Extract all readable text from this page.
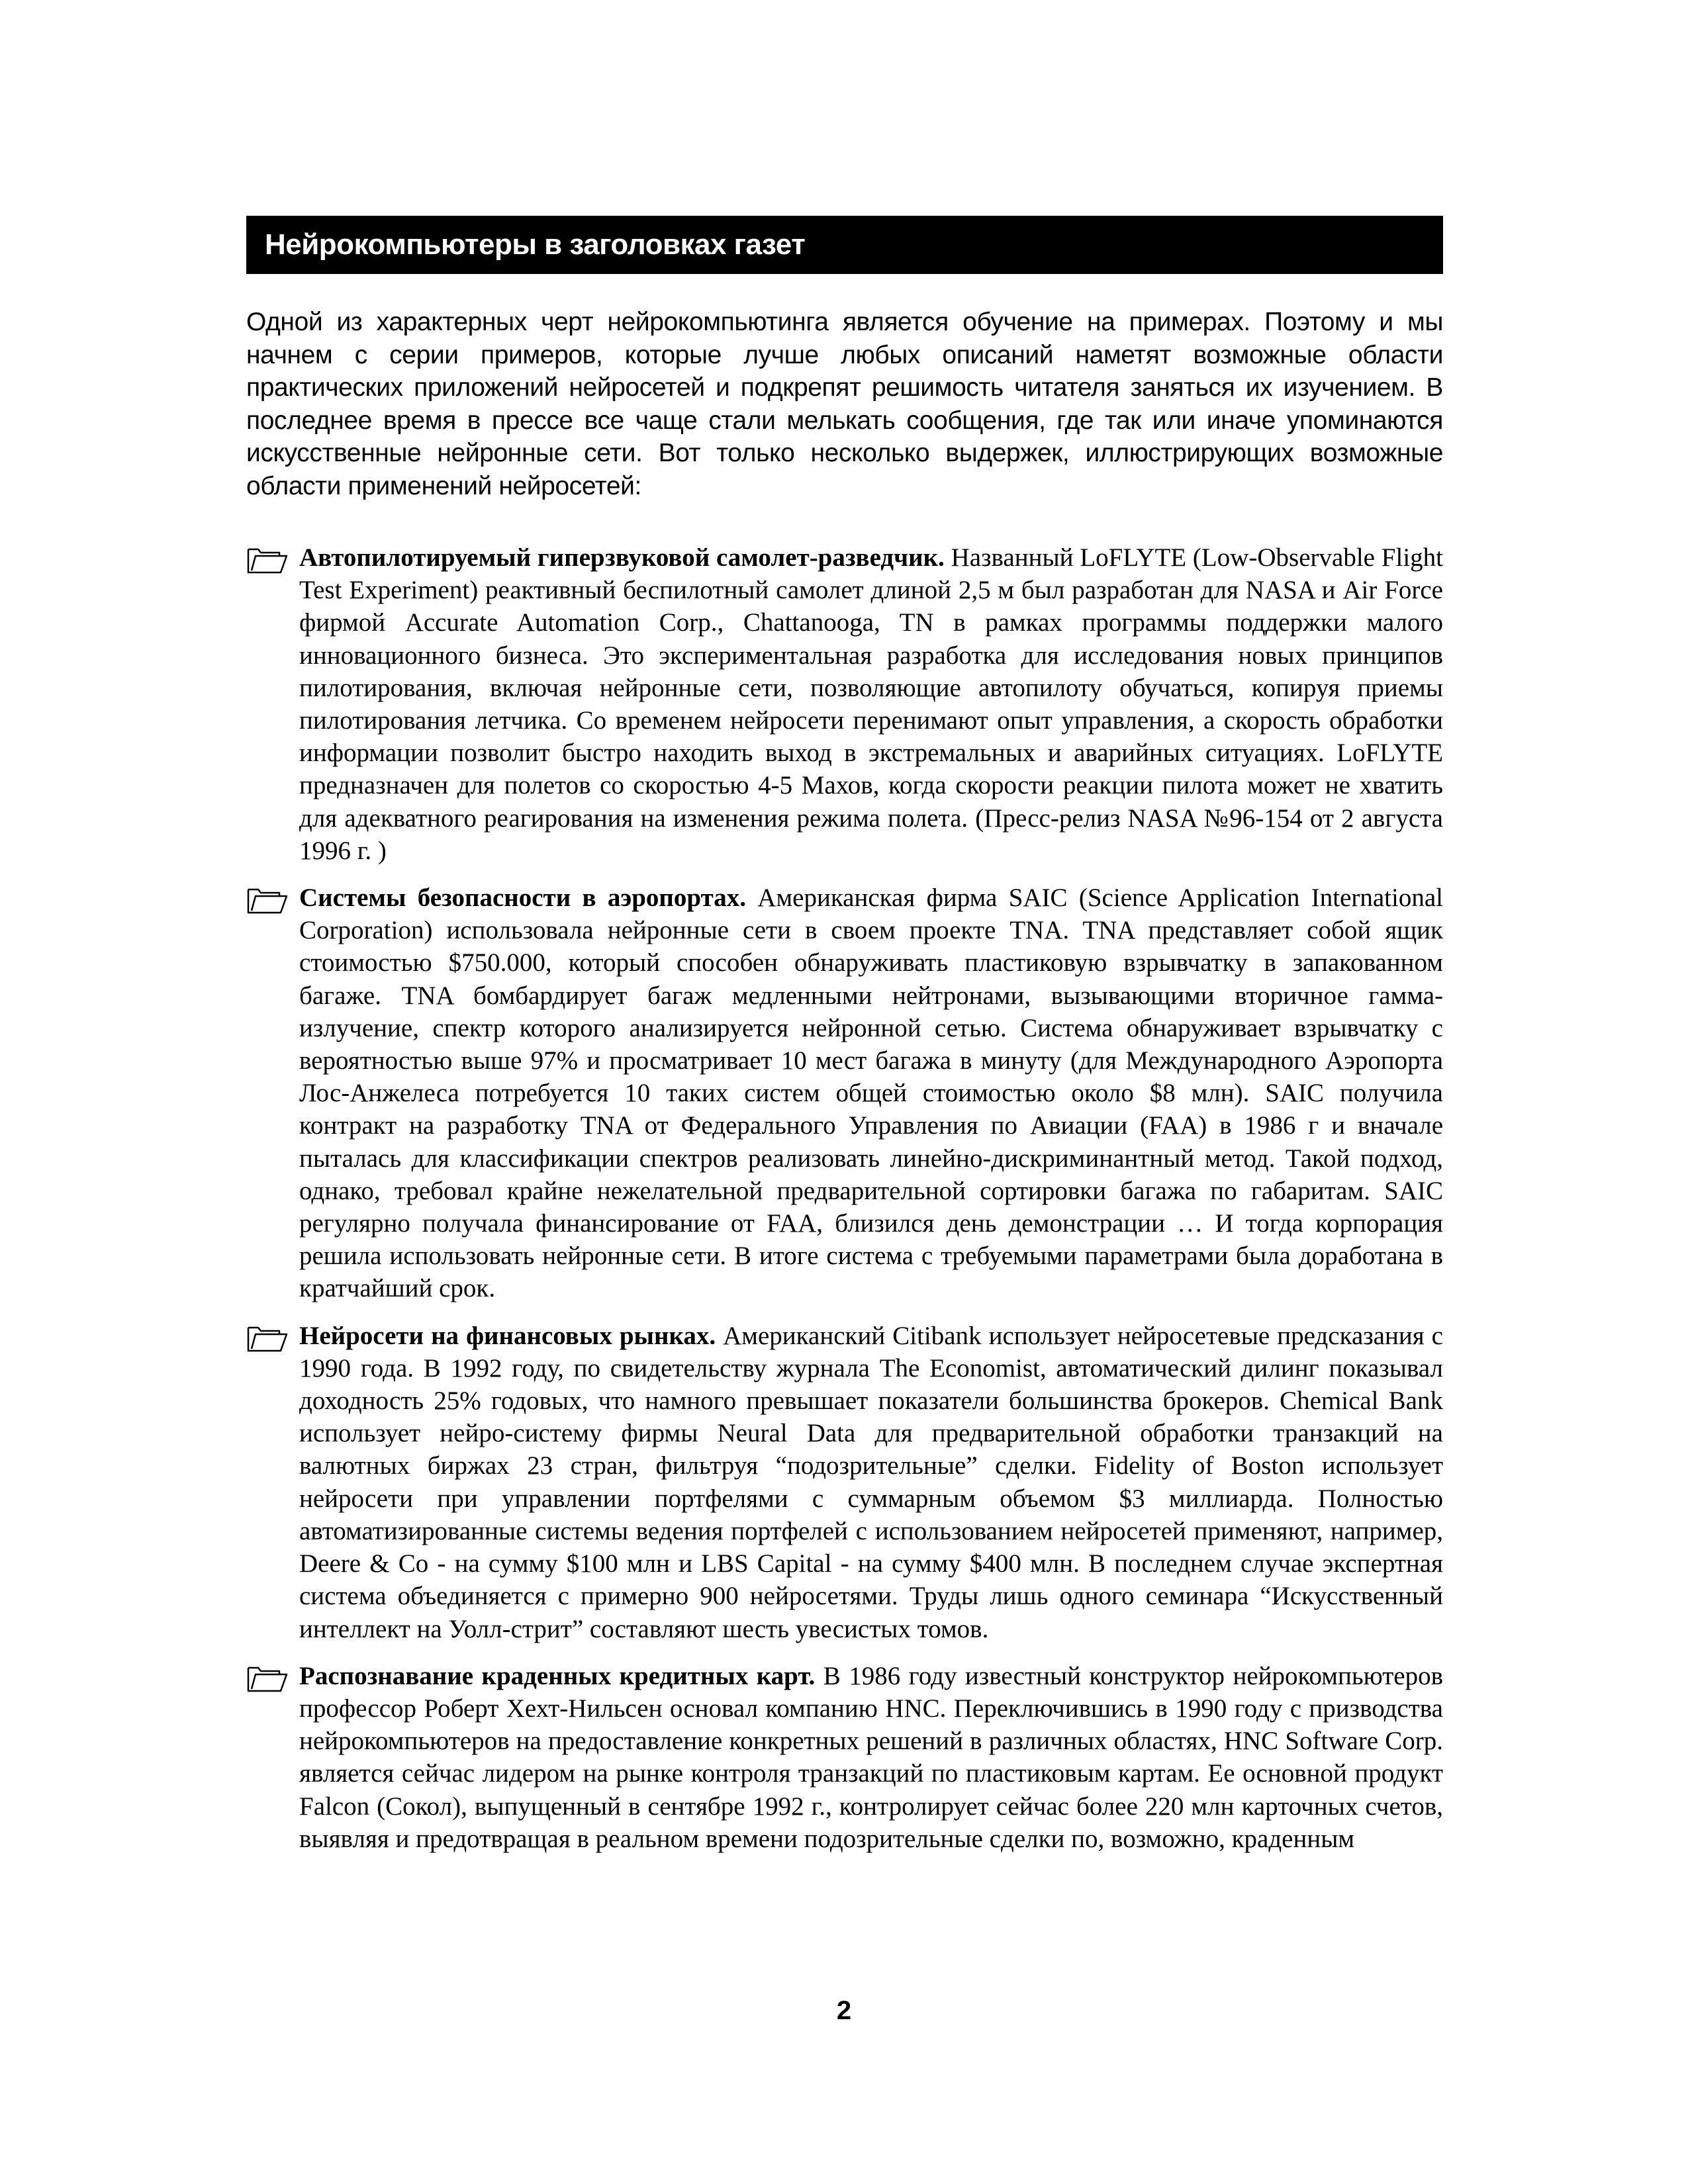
Нейрокомпьютеры в заголовках газет

Одной из характерных черт нейрокомпьютинга является обучение на примерах. Поэтому и мы начнем с серии примеров, которые лучше любых описаний наметят возможные области практических приложений нейросетей и подкрепят решимость читателя заняться их изучением. В последнее время в прессе все чаще стали мелькать сообщения, где так или иначе упоминаются искусственные нейронные сети. Вот только несколько выдержек, иллюстрирующих возможные области применений нейросетей:

Автопилотируемый гиперзвуковой самолет-разведчик. Названный LoFLYTE (Low-Observable Flight Test Experiment) реактивный беспилотный самолет длиной 2,5 м был разработан для NASA и Air Force фирмой Accurate Automation Corp., Chattanooga, TN в рамках программы поддержки малого инновационного бизнеса. Это экспериментальная разработка для исследования новых принципов пилотирования, включая нейронные сети, позволяющие автопилоту обучаться, копируя приемы пилотирования летчика. Со временем нейросети перенимают опыт управления, а скорость обработки информации позволит быстро находить выход в экстремальных и аварийных ситуациях. LoFLYTE предназначен для полетов со скоростью 4-5 Махов, когда скорости реакции пилота может не хватить для адекватного реагирования на изменения режима полета. (Пресс-релиз NASA №96-154 от 2 августа 1996 г. )

Системы безопасности в аэропортах. Американская фирма SAIC (Science Application International Corporation) использовала нейронные сети в своем проекте TNA. TNA представляет собой ящик стоимостью $750.000, который способен обнаруживать пластиковую взрывчатку в запакованном багаже. TNA бомбардирует багаж медленными нейтронами, вызывающими вторичное гамма-излучение, спектр которого анализируется нейронной сетью. Система обнаруживает взрывчатку с вероятностью выше 97% и просматривает 10 мест багажа в минуту (для Международного Аэропорта Лос-Анжелеса потребуется 10 таких систем общей стоимостью около $8 млн). SAIC получила контракт на разработку TNA от Федерального Управления по Авиации (FAA) в 1986 г и вначале пыталась для классификации спектров реализовать линейно-дискриминантный метод. Такой подход, однако, требовал крайне нежелательной предварительной сортировки багажа по габаритам. SAIC регулярно получала финансирование от FAA, близился день демонстрации … И тогда корпорация решила использовать нейронные сети. В итоге система с требуемыми параметрами была доработана в кратчайший срок.

Нейросети на финансовых рынках. Американский Citibank использует нейросетевые предсказания с 1990 года. В 1992 году, по свидетельству журнала The Economist, автоматический дилинг показывал доходность 25% годовых, что намного превышает показатели большинства брокеров. Chemical Bank использует нейро-систему фирмы Neural Data для предварительной обработки транзакций на валютных биржах 23 стран, фильтруя “подозрительные” сделки. Fidelity of Boston использует нейросети при управлении портфелями с суммарным объемом $3 миллиарда. Полностью автоматизированные системы ведения портфелей с использованием нейросетей применяют, например, Deere & Co - на сумму $100 млн и LBS Capital - на сумму $400 млн. В последнем случае экспертная система объединяется с примерно 900 нейросетями. Труды лишь одного семинара “Искусственный интеллект на Уолл-стрит” составляют шесть увесистых томов.

Распознавание краденных кредитных карт. В 1986 году известный конструктор нейрокомпьютеров профессор Роберт Хехт-Нильсен основал компанию HNC. Переключившись в 1990 году с призводства нейрокомпьютеров на предоставление конкретных решений в различных областях, HNC Software Corp. является сейчас лидером на рынке контроля транзакций по пластиковым картам. Ее основной продукт Falcon (Сокол), выпущенный в сентябре 1992 г., контролирует сейчас более 220 млн карточных счетов, выявляя и предотвращая в реальном времени подозрительные сделки по, возможно, краденным

2
